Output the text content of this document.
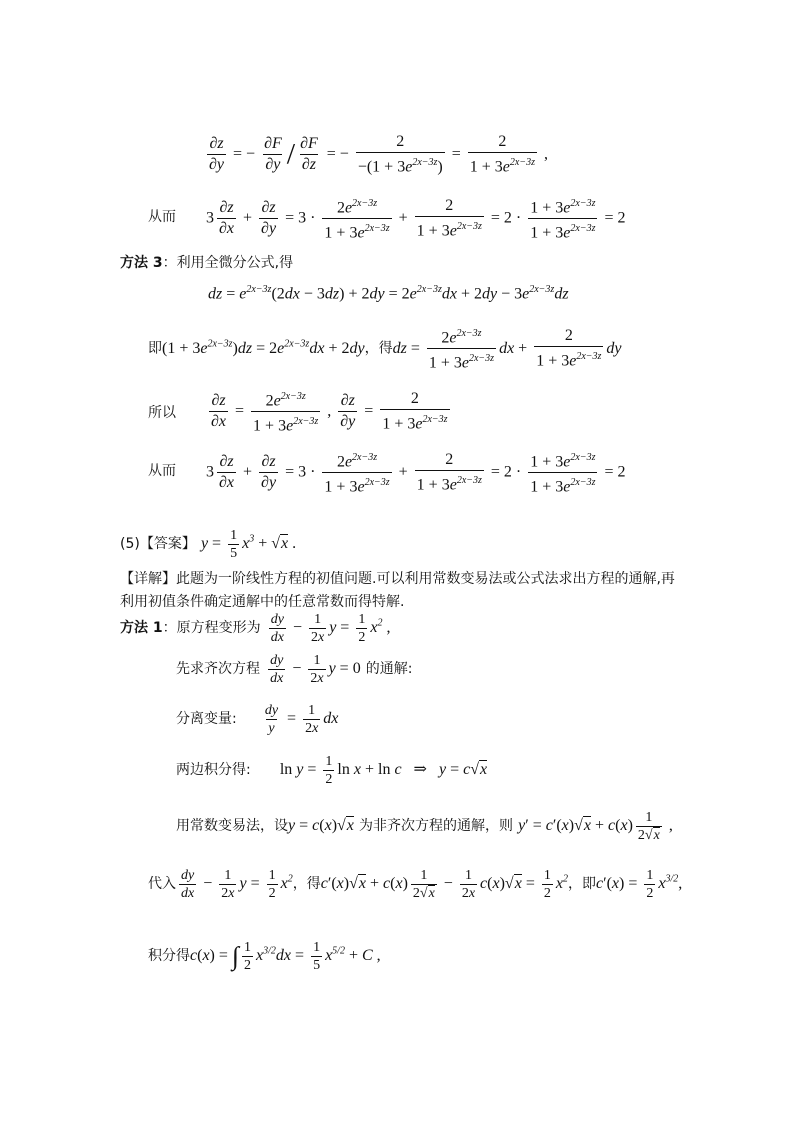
$\frac{\partial z}{\partial y}$ = − $\frac{\partial F}{\partial y} / \frac{\partial F}{\partial z}$ = − $\frac{2}{-(1 + 3e^{2x-3z})} = \frac{2}{1 + 3e^{2x-3z}}$ ,
从而 $3 \frac{\partial z}{\partial x} + \frac{\partial z}{\partial y} = 3 \cdot \frac{2e^{2x-3z}}{1 + 3e^{2x-3z}} + \frac{2}{1 + 3e^{2x-3z}} = 2 \cdot \frac{1 + 3e^{2x-3z}}{1 + 3e^{2x-3z}} = 2$
方法 3：利用全微分公式,得
dz = $e^{2x-3z}(2dx - 3dz) + 2dy = 2e^{2x-3z}dx + 2dy - 3e^{2x-3z}dz$
即$(1 + 3e^{2x-3z})dz = 2e^{2x-3z}dx + 2dy$，得dz = $\frac{2e^{2x-3z}}{1 + 3e^{2x-3z}}$ dx + $\frac{2}{1 + 3e^{2x-3z}}$ dy
所以 $\frac{\partial z}{\partial x} = \frac{2e^{2x-3z}}{1 + 3e^{2x-3z}}$ , $\frac{\partial z}{\partial y} = \frac{2}{1 + 3e^{2x-3z}}$
从而 $3 \frac{\partial z}{\partial x} + \frac{\partial z}{\partial y} = 3 \cdot \frac{2e^{2x-3z}}{1 + 3e^{2x-3z}} + \frac{2}{1 + 3e^{2x-3z}} = 2 \cdot \frac{1 + 3e^{2x-3z}}{1 + 3e^{2x-3z}} = 2$
(5)【答案】 $y = \frac{1}{5} x^3 + √x$ .
【详解】此题为一阶线性方程的初值问题.可以利用常数变易法或公式法求出方程的通解,再
利用初值条件确定通解中的任意常数而得特解.
方法 1：原方程变形为 $\frac{dy}{dx} - \frac{1}{2x}$ $y = \frac{1}{2} x^2$ ,
先求齐次方程 $\frac{dy}{dx} - \frac{1}{2x}$ y = 0 的通解:
分离变量: $\frac{dy}{y} = \frac{1}{2x}$ dx
两边积分得: $\ln y = \frac{1}{2}$ ln x + ln c   ⇒   y = c√x
用常数变易法，设y = c(x)√x 为非齐次方程的通解，则 $y' = c'(x)√x + c(x) \frac{1}{2√x}$ ,
代入 $\frac{dy}{dx} - \frac{1}{2x}$ $y = \frac{1}{2} x^2$，得$c'(x)√x + c(x) \frac{1}{2√x} - \frac{1}{2x} c(x)√x = \frac{1}{2} x^2$，即$c'(x) = \frac{1}{2} x^{3/2}$,
积分得c(x) = ∫ $\frac{1}{2} x^{3/2}dx = \frac{1}{5} x^{5/2} + C$ ,
